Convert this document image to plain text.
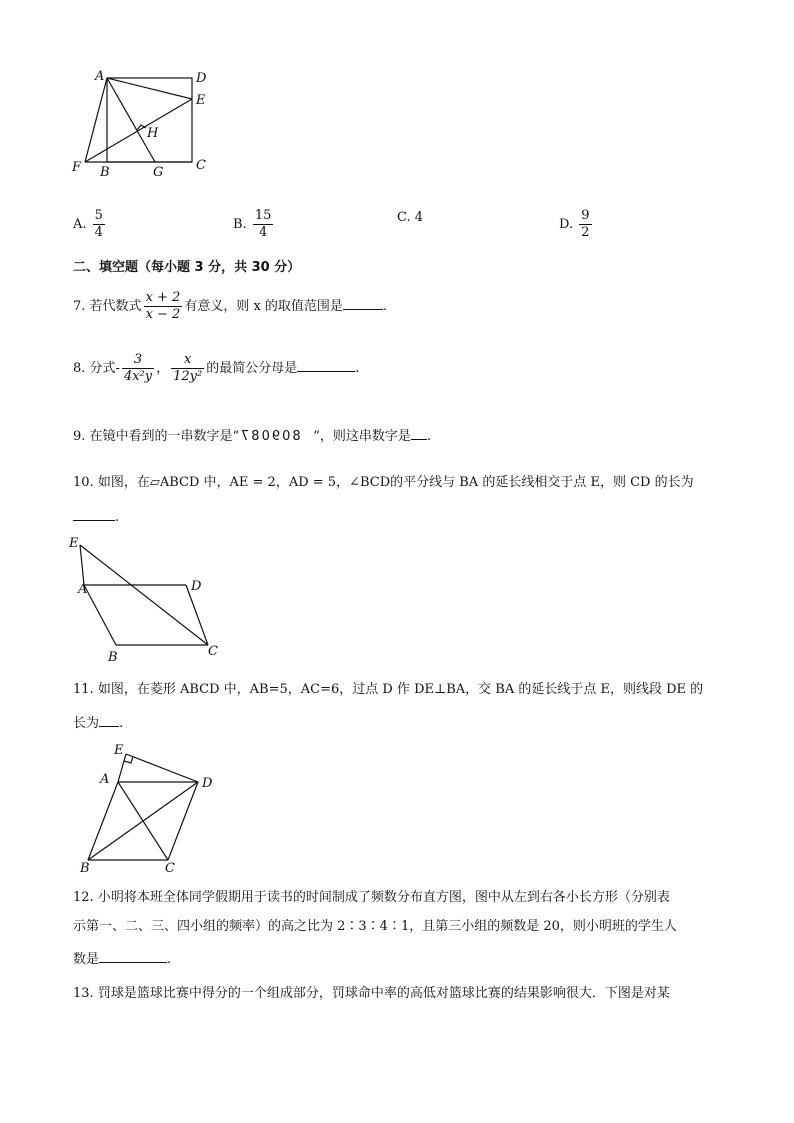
A	D
E
H
F B	G	C
A. $\frac{5}{4}$	B. $\frac{15}{4}$	C. 4	D. $\frac{9}{2}$
二、填空题（每小题 3 分，共 30 分）
7. 若代数式 $\frac{x + 2}{x - 2}$ 有意义，则 x 的取值范围是	.
8. 分式- $\frac{3}{\text{4x²y}}$ ， $\frac{x}{\text{12y²}}$ 的最简公分母是	.
9. 在镜中看到的一串数字是“809087 ”，则这串数字是 .
10. 如图，在▱ABCD 中，AE = 2，AD = 5，∠BCD的平分线与 BA 的延长线相交于点 E，则 CD 的长为
.
E
A	D
B	C
11. 如图，在菱形 ABCD 中，AB=5，AC=6，过点 D 作 DE⊥BA，交 BA 的延长线于点 E，则线段 DE 的
长为 .
E
A	D
B	C
12. 小明将本班全体同学假期用于读书的时间制成了频数分布直方图，图中从左到右各小长方形（分别表
示第一、二、三、四小组的频率）的高之比为 2∶3∶4∶1，且第三小组的频数是 20，则小明班的学生人
数是	.
13. 罚球是篮球比赛中得分的一个组成部分，罚球命中率的高低对篮球比赛的结果影响很大．下图是对某
